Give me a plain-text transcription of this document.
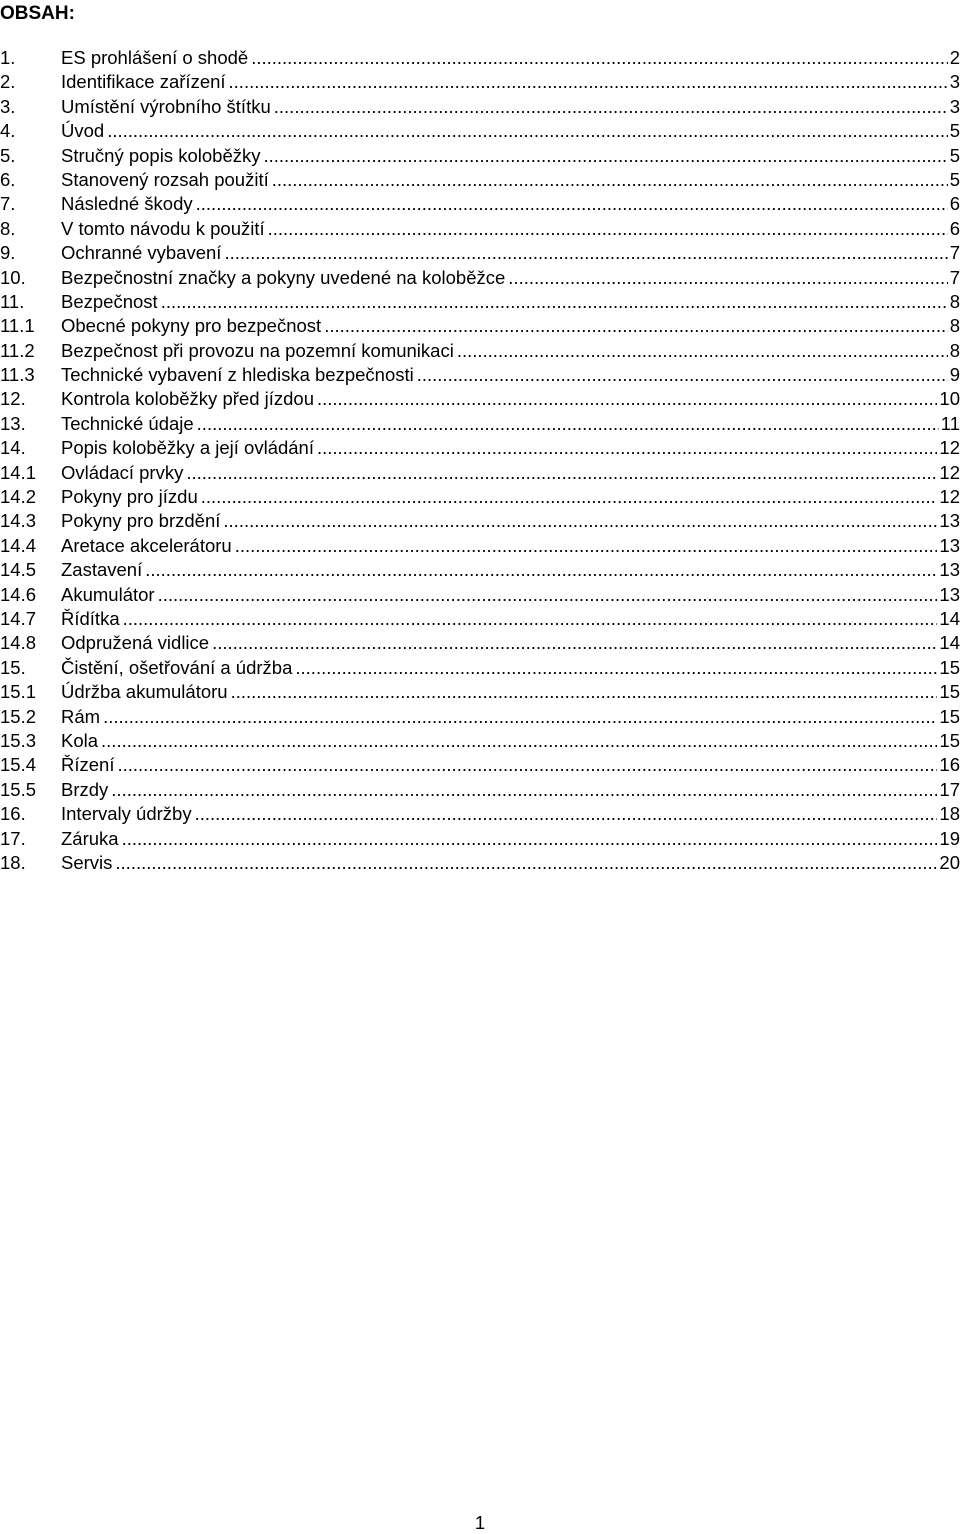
OBSAH:
1.	ES prohlášení o shodě .....	2
2.	Identifikace zařízení .....	3
3.	Umístění výrobního štítku .....	3
4.	Úvod .....	5
5.	Stručný popis koloběžky .....	5
6.	Stanovený rozsah použití .....	5
7.	Následné škody .....	6
8.	V tomto návodu k použití .....	6
9.	Ochranné vybavení .....	7
10.	Bezpečnostní značky a pokyny uvedené na koloběžce .....	7
11.	Bezpečnost .....	8
11.1	Obecné pokyny pro bezpečnost .....	8
11.2	Bezpečnost při provozu na pozemní komunikaci .....	8
11.3	Technické vybavení z hlediska bezpečnosti .....	9
12.	Kontrola koloběžky před jízdou .....	10
13.	Technické údaje .....	11
14.	Popis koloběžky a její ovládání .....	12
14.1	Ovládací prvky .....	12
14.2	Pokyny pro jízdu .....	12
14.3	Pokyny pro brzdění .....	13
14.4	Aretace akcelerátoru .....	13
14.5	Zastavení .....	13
14.6	Akumulátor .....	13
14.7	Řídítka .....	14
14.8	Odpružená vidlice .....	14
15.	Čistění, ošetřování a údržba .....	15
15.1	Údržba akumulátoru .....	15
15.2	Rám .....	15
15.3	Kola .....	15
15.4	Řízení .....	16
15.5	Brzdy .....	17
16.	Intervaly údržby .....	18
17.	Záruka .....	19
18.	Servis .....	20
1
